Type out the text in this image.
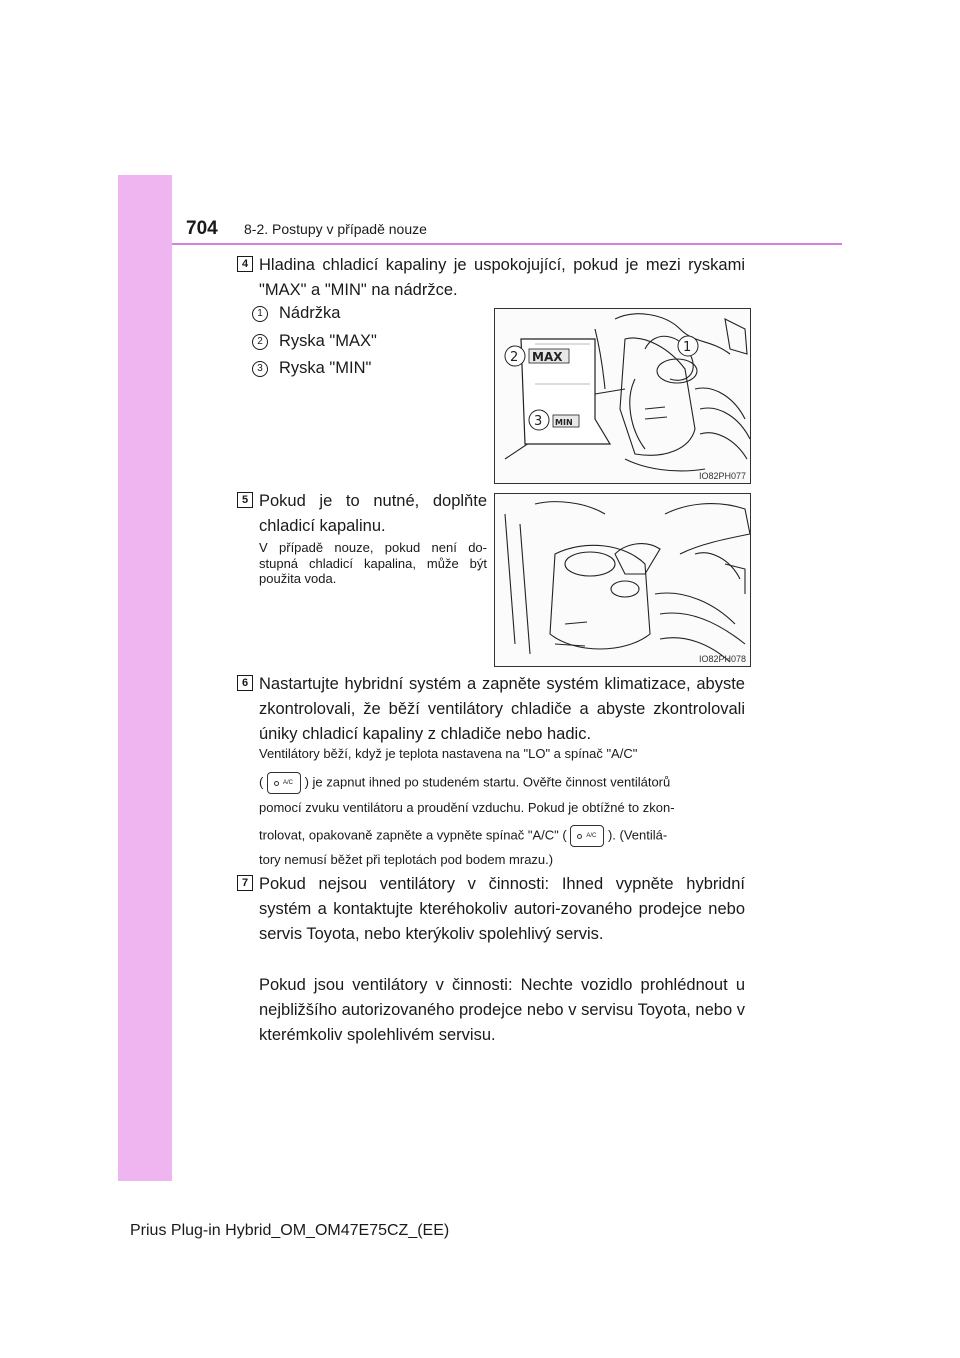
704 8-2. Postupy v případě nouze
4 Hladina chladicí kapaliny je uspokojující, pokud je mezi ryskami "MAX" a "MIN" na nádržce.
1 Nádržka
2 Ryska "MAX"
3 Ryska "MIN"
MAX
MIN
2
1
3
IO82PH077
5 Pokud je to nutné, doplňte chladicí kapalinu.
V případě nouze, pokud není do-stupná chladicí kapalina, může být použita voda.
IO82PH078
6 Nastartujte hybridní systém a zapněte systém klimatizace, abyste zkontrolovali, že běží ventilátory chladiče a abyste zkontrolovali úniky chladicí kapaliny z chladiče nebo hadic.
Ventilátory běží, když je teplota nastavena na "LO" a spínač "A/C"
(	A/C ) je zapnut ihned po studeném startu. Ověřte činnost ventilátorů
pomocí zvuku ventilátoru a proudění vzduchu. Pokud je obtížné to zkon-
trolovat, opakovaně zapněte a vypněte spínač "A/C" (	A/C ). (Ventilá-
tory nemusí běžet při teplotách pod bodem mrazu.)
7 Pokud nejsou ventilátory v činnosti: Ihned vypněte hybridní systém a kontaktujte kteréhokoliv autori-zovaného prodejce nebo servis Toyota, nebo kterýkoliv spolehlivý servis.
Pokud jsou ventilátory v činnosti: Nechte vozidlo prohlédnout u nejbližšího autorizovaného prodejce nebo v servisu Toyota, nebo v kterémkoliv spolehlivém servisu.
Prius Plug-in Hybrid_OM_OM47E75CZ_(EE)
